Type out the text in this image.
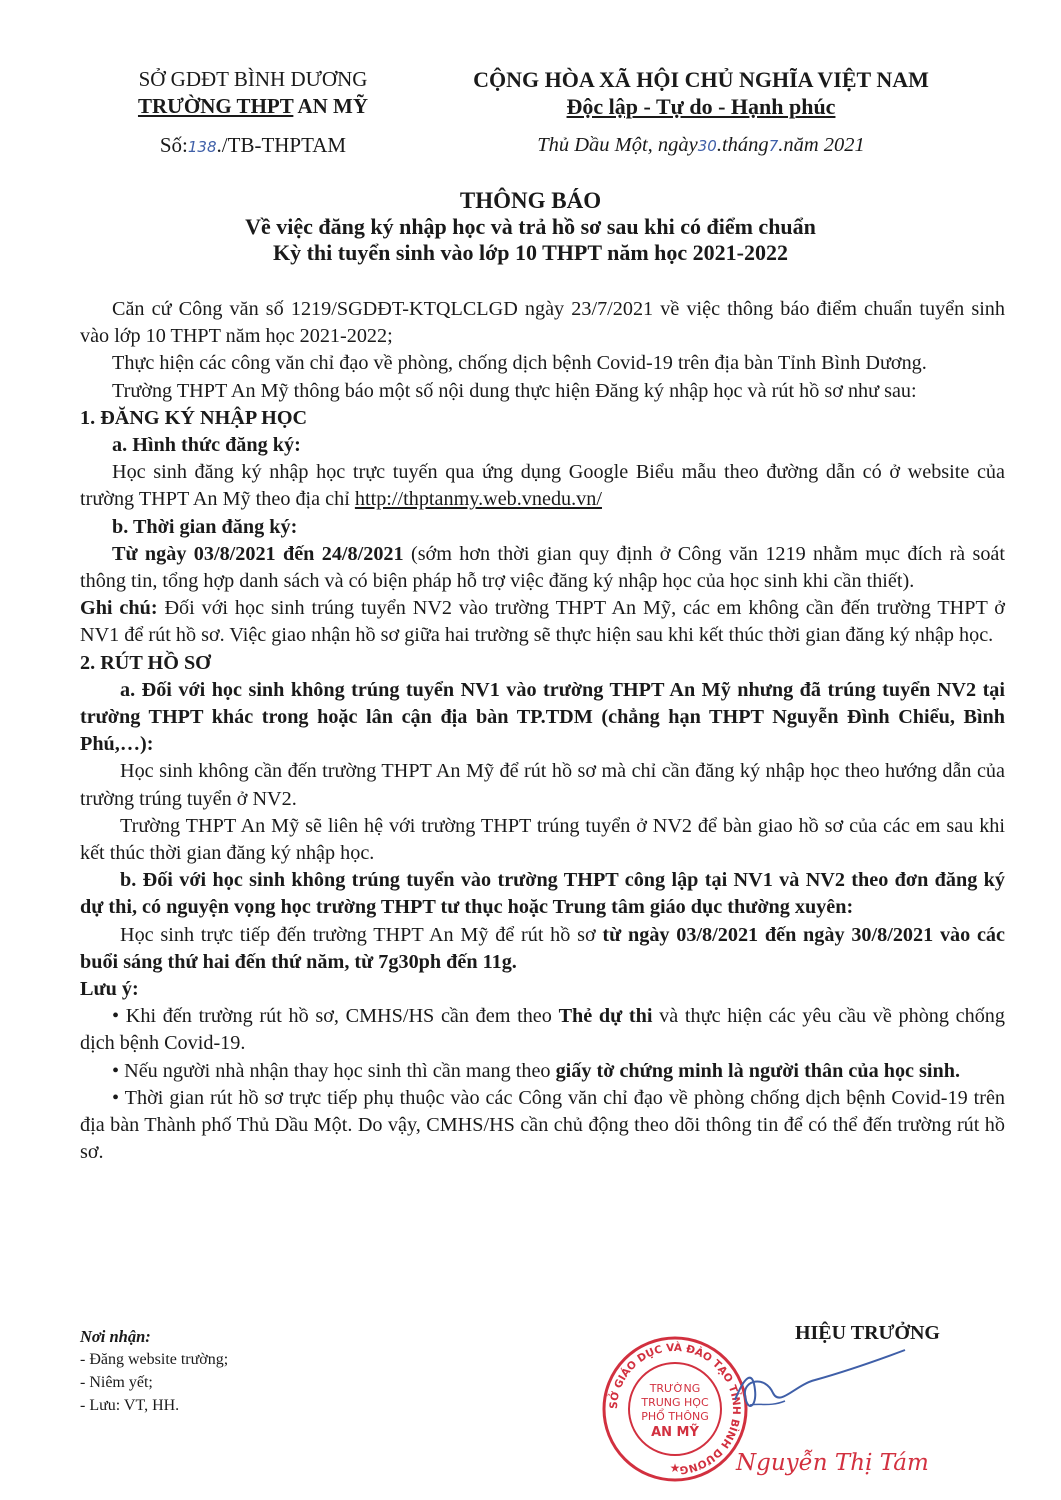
SỞ GDĐT BÌNH DƯƠNG
TRƯỜNG THPT AN MỸ
Số:138./TB-THPTAM
CỘNG HÒA XÃ HỘI CHỦ NGHĨA VIỆT NAM
Độc lập - Tự do - Hạnh phúc
Thủ Dầu Một, ngày30.tháng7.năm 2021
THÔNG BÁO
Về việc đăng ký nhập học và trả hồ sơ sau khi có điểm chuẩn
Kỳ thi tuyển sinh vào lớp 10 THPT năm học 2021-2022

Căn cứ Công văn số 1219/SGDĐT-KTQLCLGD ngày 23/7/2021 về việc thông báo điểm chuẩn tuyển sinh vào lớp 10 THPT năm học 2021-2022;

Thực hiện các công văn chỉ đạo về phòng, chống dịch bệnh Covid-19 trên địa bàn Tỉnh Bình Dương.

Trường THPT An Mỹ thông báo một số nội dung thực hiện Đăng ký nhập học và rút hồ sơ như sau:

1. ĐĂNG KÝ NHẬP HỌC

a. Hình thức đăng ký:

Học sinh đăng ký nhập học trực tuyến qua ứng dụng Google Biểu mẫu theo đường dẫn có ở website của trường THPT An Mỹ theo địa chỉ http://thptanmy.web.vnedu.vn/

b. Thời gian đăng ký:

Từ ngày 03/8/2021 đến 24/8/2021 (sớm hơn thời gian quy định ở Công văn 1219 nhằm mục đích rà soát thông tin, tổng hợp danh sách và có biện pháp hỗ trợ việc đăng ký nhập học của học sinh khi cần thiết).

Ghi chú: Đối với học sinh trúng tuyển NV2 vào trường THPT An Mỹ, các em không cần đến trường THPT ở NV1 để rút hồ sơ. Việc giao nhận hồ sơ giữa hai trường sẽ thực hiện sau khi kết thúc thời gian đăng ký nhập học.

2. RÚT HỒ SƠ

a. Đối với học sinh không trúng tuyển NV1 vào trường THPT An Mỹ nhưng đã trúng tuyển NV2 tại trường THPT khác trong hoặc lân cận địa bàn TP.TDM (chẳng hạn THPT Nguyễn Đình Chiểu, Bình Phú,…):

Học sinh không cần đến trường THPT An Mỹ để rút hồ sơ mà chỉ cần đăng ký nhập học theo hướng dẫn của trường trúng tuyển ở NV2.

Trường THPT An Mỹ sẽ liên hệ với trường THPT trúng tuyển ở NV2 để bàn giao hồ sơ của các em sau khi kết thúc thời gian đăng ký nhập học.

b. Đối với học sinh không trúng tuyển vào trường THPT công lập tại NV1 và NV2 theo đơn đăng ký dự thi, có nguyện vọng học trường THPT tư thục hoặc Trung tâm giáo dục thường xuyên:

Học sinh trực tiếp đến trường THPT An Mỹ để rút hồ sơ từ ngày 03/8/2021 đến ngày 30/8/2021 vào các buổi sáng thứ hai đến thứ năm, từ 7g30ph đến 11g.

Lưu ý:

• Khi đến trường rút hồ sơ, CMHS/HS cần đem theo Thẻ dự thi và thực hiện các yêu cầu về phòng chống dịch bệnh Covid-19.

• Nếu người nhà nhận thay học sinh thì cần mang theo giấy tờ chứng minh là người thân của học sinh.

• Thời gian rút hồ sơ trực tiếp phụ thuộc vào các Công văn chỉ đạo về phòng chống dịch bệnh Covid-19 trên địa bàn Thành phố Thủ Dầu Một. Do vậy, CMHS/HS cần chủ động theo dõi thông tin để có thể đến trường rút hồ sơ.

Nơi nhận:
- Đăng website trường;
- Niêm yết;
- Lưu: VT, HH.
HIỆU TRƯỞNG
SỞ GIÁO DỤC VÀ ĐÀO TẠO TỈNH BÌNH DƯƠNG
TRƯỜNG
TRUNG HỌC
PHỔ THÔNG
AN MỸ
★ Nguyễn Thị Tám
